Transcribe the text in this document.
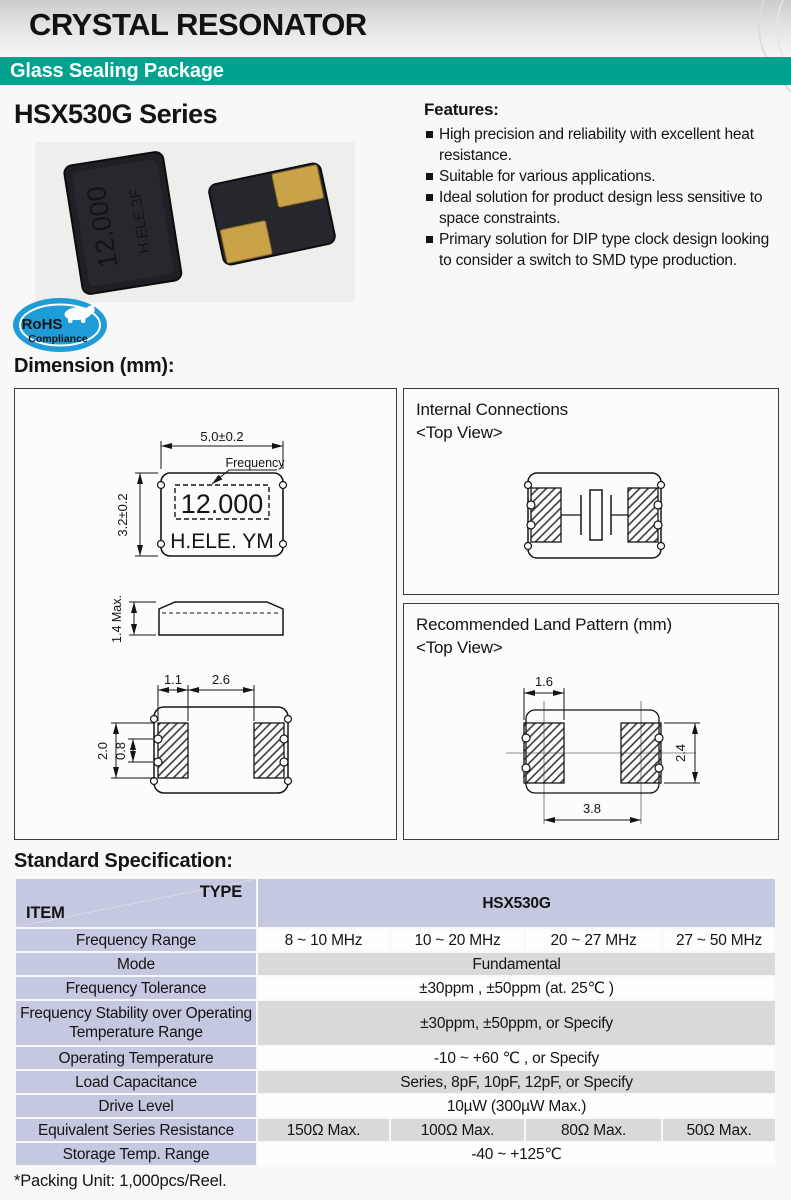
CRYSTAL RESONATOR
Glass Sealing Package
HSX530G Series
12.000 H.ELE.3F
Features:
High precision and reliability with excellent heat resistance.
Suitable for various applications.
Ideal solution for product design less sensitive to space constraints.
Primary solution for DIP type clock design looking to consider a switch to SMD type production.
RoHS
Compliance
Dimension (mm):
5.0±0.2
Frequency
12.000
H.ELE. YM
3.2±0.2
1.4 Max.
1.1 2.6
2.0 0.8
Internal Connections
<Top View>
Recommended Land Pattern (mm)
<Top View>
1.6
2.4
3.8
Standard Specification:
TYPE
ITEM	HSX530G			
Frequency Range	8 ~ 10 MHz	10 ~ 20 MHz	20 ~ 27 MHz	27 ~ 50 MHz
Mode	Fundamental			
Frequency Tolerance	±30ppm , ±50ppm (at. 25℃ )			
Frequency Stability over Operating Temperature Range	±30ppm, ±50ppm, or Specify			
Operating Temperature	-10 ~ +60 ℃ , or Specify			
Load Capacitance	Series, 8pF, 10pF, 12pF, or Specify			
Drive Level	10µW (300µW Max.)			
Equivalent Series Resistance	150Ω Max.	100Ω Max.	80Ω Max.	50Ω Max.
Storage Temp. Range	-40 ~ +125℃			
*Packing Unit: 1,000pcs/Reel.
